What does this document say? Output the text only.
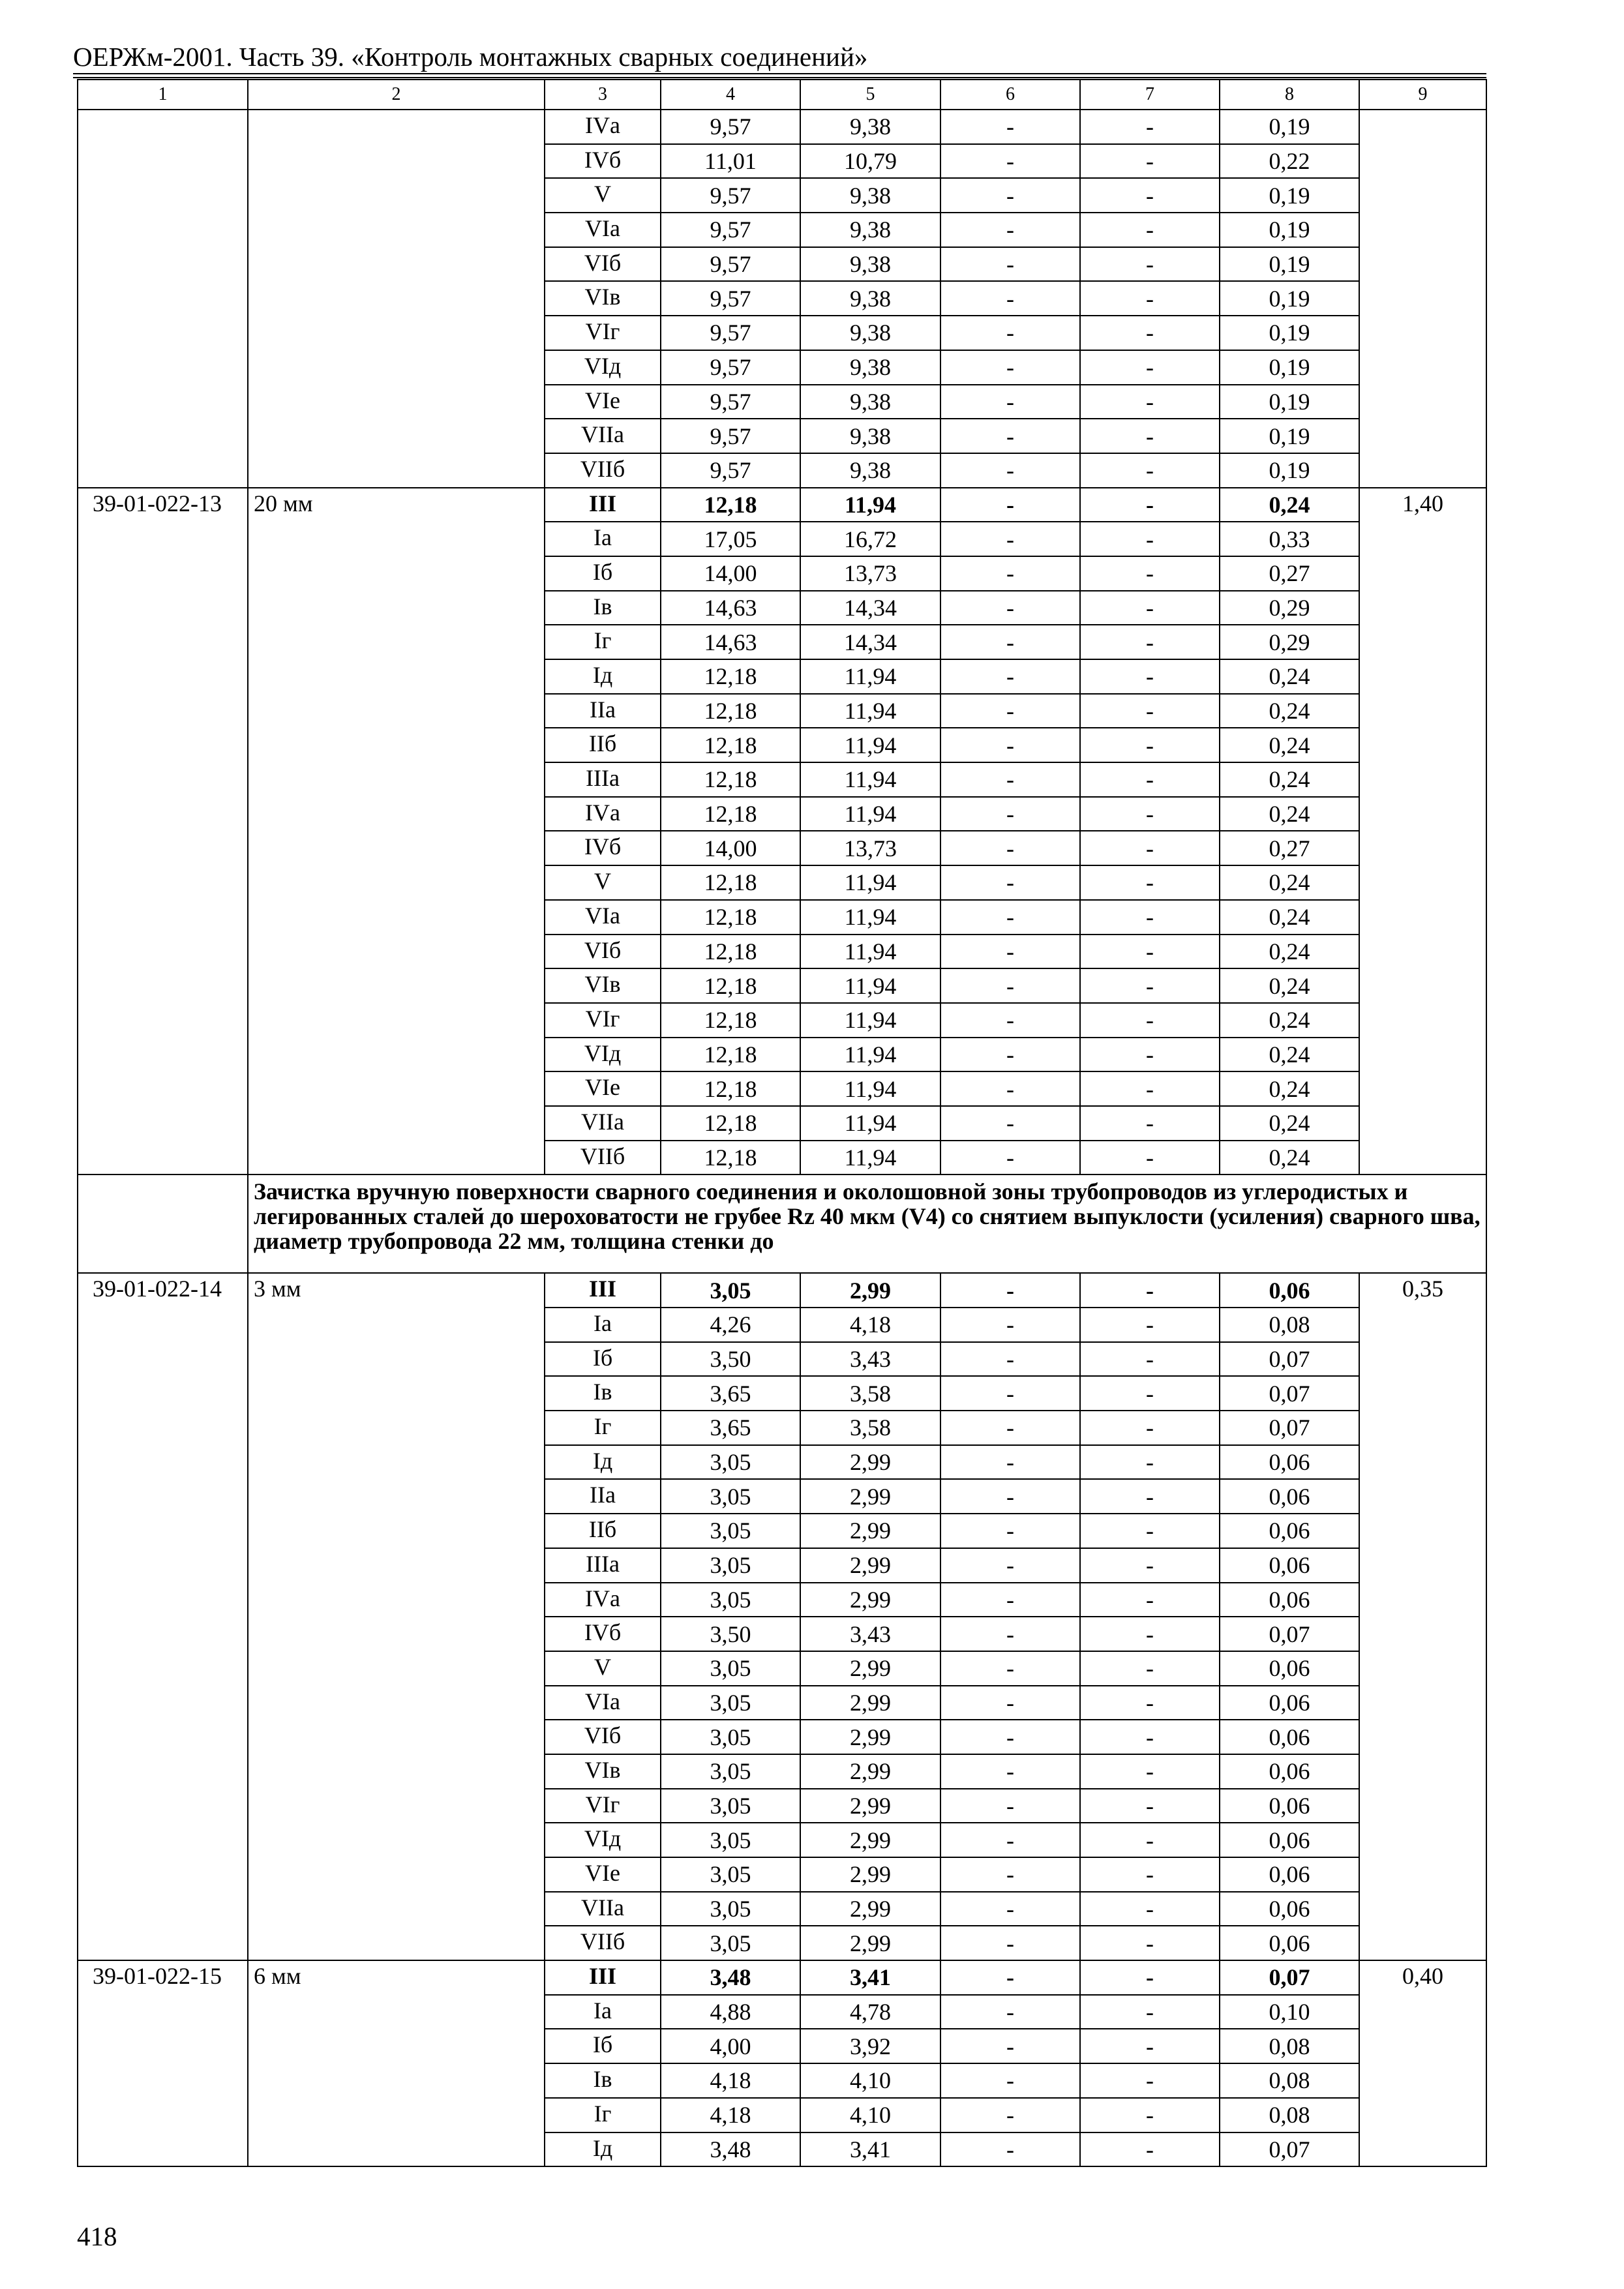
ОЕРЖм-2001. Часть 39. «Контроль монтажных сварных соединений»
1	2	3	4	5	6	7	8	9
		IVа	9,57	9,38	-	-	0,19	
		IVб	11,01	10,79	-	-	0,22	
		V	9,57	9,38	-	-	0,19	
		VIа	9,57	9,38	-	-	0,19	
		VIб	9,57	9,38	-	-	0,19	
		VIв	9,57	9,38	-	-	0,19	
		VIг	9,57	9,38	-	-	0,19	
		VIд	9,57	9,38	-	-	0,19	
		VIе	9,57	9,38	-	-	0,19	
		VIIа	9,57	9,38	-	-	0,19	
		VIIб	9,57	9,38	-	-	0,19	
39-01-022-13	20 мм	III	12,18	11,94	-	-	0,24	1,40
		Iа	17,05	16,72	-	-	0,33	
		Iб	14,00	13,73	-	-	0,27	
		Iв	14,63	14,34	-	-	0,29	
		Iг	14,63	14,34	-	-	0,29	
		Iд	12,18	11,94	-	-	0,24	
		IIа	12,18	11,94	-	-	0,24	
		IIб	12,18	11,94	-	-	0,24	
		IIIа	12,18	11,94	-	-	0,24	
		IVа	12,18	11,94	-	-	0,24	
		IVб	14,00	13,73	-	-	0,27	
		V	12,18	11,94	-	-	0,24	
		VIа	12,18	11,94	-	-	0,24	
		VIб	12,18	11,94	-	-	0,24	
		VIв	12,18	11,94	-	-	0,24	
		VIг	12,18	11,94	-	-	0,24	
		VIд	12,18	11,94	-	-	0,24	
		VIе	12,18	11,94	-	-	0,24	
		VIIа	12,18	11,94	-	-	0,24	
		VIIб	12,18	11,94	-	-	0,24	
	Зачистка вручную поверхности сварного соединения и околошовной зоны трубопроводов из углеродистых и легированных сталей до шероховатости не грубее Rz 40 мкм (V4) со снятием выпуклости (усиления) сварного шва, диаметр трубопровода 22 мм, толщина стенки до							
39-01-022-14	3 мм	III	3,05	2,99	-	-	0,06	0,35
		Iа	4,26	4,18	-	-	0,08	
		Iб	3,50	3,43	-	-	0,07	
		Iв	3,65	3,58	-	-	0,07	
		Iг	3,65	3,58	-	-	0,07	
		Iд	3,05	2,99	-	-	0,06	
		IIа	3,05	2,99	-	-	0,06	
		IIб	3,05	2,99	-	-	0,06	
		IIIа	3,05	2,99	-	-	0,06	
		IVа	3,05	2,99	-	-	0,06	
		IVб	3,50	3,43	-	-	0,07	
		V	3,05	2,99	-	-	0,06	
		VIа	3,05	2,99	-	-	0,06	
		VIб	3,05	2,99	-	-	0,06	
		VIв	3,05	2,99	-	-	0,06	
		VIг	3,05	2,99	-	-	0,06	
		VIд	3,05	2,99	-	-	0,06	
		VIе	3,05	2,99	-	-	0,06	
		VIIа	3,05	2,99	-	-	0,06	
		VIIб	3,05	2,99	-	-	0,06	
39-01-022-15	6 мм	III	3,48	3,41	-	-	0,07	0,40
		Iа	4,88	4,78	-	-	0,10	
		Iб	4,00	3,92	-	-	0,08	
		Iв	4,18	4,10	-	-	0,08	
		Iг	4,18	4,10	-	-	0,08	
		Iд	3,48	3,41	-	-	0,07	
418
